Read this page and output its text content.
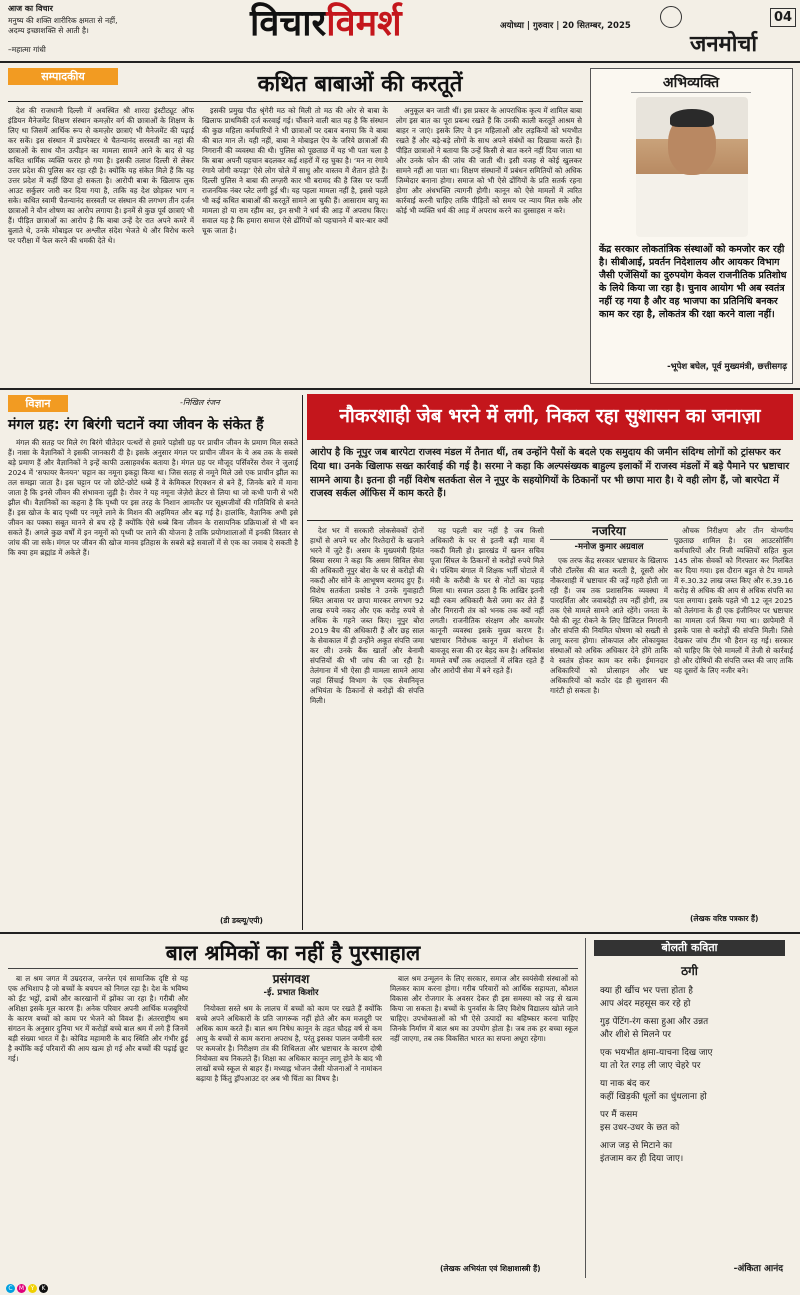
आज का विचार
मनुष्य की शक्ति शारीरिक क्षमता से नहीं, अदम्य इच्छाशक्ति से आती है।
–महात्मा गांधी
विचारविमर्श	अयोध्या | गुरुवार | 20 सितम्बर, 2025
जनमोर्चा
04
सम्पादकीय	कथित बाबाओं की करतूतें

देश की राजधानी दिल्ली में अवस्थित श्री शारदा इंस्टीट्यूट ऑफ इंडियन मैनेजमेंट शिक्षण संस्थान कमज़ोर वर्ग की छात्राओं के शिक्षण के लिए था जिसमें आर्थिक रूप से कमज़ोर छात्राएं भी मैनेजमेंट की पढ़ाई कर सकें। इस संस्थान में डायरेक्टर थे चैतन्यानंद सरस्वती का नहां की छात्राओं के साथ यौन उत्पीड़न का मामला सामने आने के बाद से यह कथित धार्मिक व्यक्ति फरार हो गया है। इसकी तलाश दिल्ली से लेकर उत्तर प्रदेश की पुलिस कर रहा रही है। क्योंकि यह संकेत मिले हैं कि यह उत्तर प्रदेश में कहीं छिपा हो सकता है। आरोपी बाबा के खिलाफ लुक आउट सर्कुलर जारी कर दिया गया है, ताकि वह देश छोड़कर भाग न सके। कथित स्वामी चैतन्यानंद सरस्वती पर संस्थान की लगभग तीन दर्जन छात्राओं ने यौन शोषण का आरोप लगाया है। इनमें से कुछ पूर्व छात्राएं भी हैं। पीड़ित छात्राओं का आरोप है कि बाबा उन्हें देर रात अपने कमरे में बुलाते थे, उनके मोबाइल पर अश्लील संदेश भेजते थे और विरोध करने पर परीक्षा में फेल करने की धमकी देते थे।

इसकी प्रमुख पीठ श्रृंगेरी मठ को मिली तो मठ की ओर से बाबा के खिलाफ प्राथमिकी दर्ज करवाई गई। चौंकाने वाली बात यह है कि संस्थान की कुछ महिला कर्मचारियों ने भी छात्राओं पर दबाव बनाया कि वे बाबा की बात मान लें। यही नहीं, बाबा ने मोबाइल ऐप के जरिये छात्राओं की निगरानी की व्यवस्था की थी। पुलिस को पूछताछ में यह भी पता चला है कि बाबा अपनी पहचान बदलकर कई शहरों में रह चुका है। ‘मन ना रंगाये रंगाये जोगी कपड़ा’ ऐसे लोग चोले में साधु और वास्तव में शैतान होते हैं। दिल्ली पुलिस ने बाबा की लग्ज़री कार भी बरामद की है जिस पर फर्जी राजनयिक नंबर प्लेट लगी हुई थी। यह पहला मामला नहीं है, इससे पहले भी कई कथित बाबाओं की करतूतें सामने आ चुकी हैं। आसाराम बापू का मामला हो या राम रहीम का, इन सभी ने धर्म की आड़ में अपराध किए। सवाल यह है कि हमारा समाज ऐसे ढोंगियों को पहचानने में बार-बार क्यों चूक जाता है।

अनुकूल बन जाती थीं। इस प्रकार के आपराधिक कृत्य में शामिल बाबा लोग इस बात का पूरा प्रबन्ध रखते हैं कि उनकी काली करतूतें आश्रम से बाहर न जाएं। इसके लिए वे इन महिलाओं और लड़कियों को भयभीत रखते हैं और बड़े-बड़े लोगों के साथ अपने संबंधों का दिखावा करते हैं। पीड़ित छात्राओं ने बताया कि उन्हें किसी से बात करने नहीं दिया जाता था और उनके फोन की जांच की जाती थी। इसी वजह से कोई खुलकर सामने नहीं आ पाता था। शिक्षण संस्थानों में प्रबंधन समितियों को अधिक जिम्मेदार बनाना होगा। समाज को भी ऐसे ढोंगियों के प्रति सतर्क रहना होगा और अंधभक्ति त्यागनी होगी। कानून को ऐसे मामलों में त्वरित कार्रवाई करनी चाहिए ताकि पीड़ितों को समय पर न्याय मिल सके और कोई भी व्यक्ति धर्म की आड़ में अपराध करने का दुस्साहस न करे।

अभिव्यक्ति
केंद्र सरकार लोकतांत्रिक संस्थाओं को कमजोर कर रही है। सीबीआई, प्रवर्तन निदेशालय और आयकर विभाग जैसी एजेंसियों का दुरुपयोग केवल राजनीतिक प्रतिशोध के लिये किया जा रहा है। चुनाव आयोग भी अब स्वतंत्र नहीं रह गया है और वह भाजपा का प्रतिनिधि बनकर काम कर रहा है, लोकतंत्र की रक्षा करने वाला नहीं।
-भूपेश बघेल, पूर्व मुख्यमंत्री, छत्तीसगढ़
विज्ञान	-निखिल रंजन
मंगल ग्रह: रंग बिरंगी चटानें क्या जीवन के संकेत हैं

मंगल की सतह पर मिले रंग बिरंगे चीतेदार पत्थरों से हमारे पड़ोसी ग्रह पर प्राचीन जीवन के प्रमाण मिल सकते हैं। नासा के वैज्ञानिकों ने इसकी जानकारी दी है। इसके अनुसार मंगल पर प्राचीन जीवन के ये अब तक के सबसे बड़े प्रमाण हैं और वैज्ञानिकों ने इन्हें काफी उत्साहवर्धक बताया है। मंगल ग्रह पर मौजूद पर्सिवरेंस रोवर ने जुलाई 2024 में ‘सफायर कैनयन’ चट्टान का नमूना इकट्ठा किया था। जिस सतह से नमूने मिले उसे एक प्राचीन झील का तल समझा जाता है। इस चट्टान पर जो छोटे-छोटे धब्बे हैं वे केमिकल रिएक्शन से बने हैं, जिनके बारे में माना जाता है कि इनसे जीवन की संभावना जुड़ी है। रोवर ने यह नमूना जेज़ेरो क्रेटर से लिया था जो कभी पानी से भरी झील थी। वैज्ञानिकों का कहना है कि पृथ्वी पर इस तरह के निशान आमतौर पर सूक्ष्मजीवों की गतिविधि से बनते हैं। इस खोज के बाद पृथ्वी पर नमूने लाने के मिशन की अहमियत और बढ़ गई है। हालांकि, वैज्ञानिक अभी इसे जीवन का पक्का सबूत मानने से बच रहे हैं क्योंकि ऐसे धब्बे बिना जीवन के रासायनिक प्रक्रियाओं से भी बन सकते हैं। अगले कुछ वर्षों में इन नमूनों को पृथ्वी पर लाने की योजना है ताकि प्रयोगशालाओं में इनकी विस्तार से जांच की जा सके। मंगल पर जीवन की खोज मानव इतिहास के सबसे बड़े सवालों में से एक का जवाब दे सकती है कि क्या हम ब्रह्मांड में अकेले हैं।

(डी डब्ल्यू/एपी)
नौकरशाही जेब भरने में लगी, निकल रहा सुशासन का जनाज़ा
आरोप है कि नूपुर जब बारपेटा राजस्व मंडल में तैनात थीं, तब उन्होंने पैसों के बदले एक समुदाय की जमीन संदिग्ध लोगों को ट्रांसफर कर दिया था। उनके खिलाफ सख्त कार्रवाई की गई है। सरमा ने कहा कि अल्पसंख्यक बाहुल्य इलाकों में राजस्व मंडलों में बड़े पैमाने पर भ्रष्टाचार सामने आया है। इतना ही नहीं विशेष सतर्कता सेल ने नूपुर के सहयोगियों के ठिकानों पर भी छापा मारा है। ये वही लोग हैं, जो बारपेटा में राजस्व सर्कल ऑफिस में काम करते हैं।

देश भर में सरकारी लोकसेवकों दोनों हाथों से अपने घर और रिश्तेदारों के खजाने भरने में जुटे हैं। असम के मुख्यमंत्री हिमंत बिस्वा सरमा ने कहा कि असम सिविल सेवा की अधिकारी नूपुर बोरा के घर से करोड़ों की नकदी और सोने के आभूषण बरामद हुए हैं। विशेष सतर्कता प्रकोष्ठ ने उनके गुवाहाटी स्थित आवास पर छापा मारकर लगभग 92 लाख रुपये नकद और एक करोड़ रुपये से अधिक के गहने जब्त किए। नूपुर बोरा 2019 बैच की अधिकारी हैं और छह साल के सेवाकाल में ही उन्होंने अकूत संपत्ति जमा कर ली। उनके बैंक खातों और बेनामी संपत्तियों की भी जांच की जा रही है। तेलंगाना में भी ऐसा ही मामला सामने आया जहां सिंचाई विभाग के एक सेवानिवृत्त अभियंता के ठिकानों से करोड़ों की संपत्ति मिली।

यह पहली बार नहीं है जब किसी अधिकारी के घर से इतनी बड़ी मात्रा में नकदी मिली हो। झारखंड में खनन सचिव पूजा सिंघल के ठिकानों से करोड़ों रुपये मिले थे। पश्चिम बंगाल में शिक्षक भर्ती घोटाले में मंत्री के करीबी के घर से नोटों का पहाड़ मिला था। सवाल उठता है कि आखिर इतनी बड़ी रकम अधिकारी कैसे जमा कर लेते हैं और निगरानी तंत्र को भनक तक क्यों नहीं लगती। राजनीतिक संरक्षण और कमजोर कानूनी व्यवस्था इसके मुख्य कारण हैं। भ्रष्टाचार निरोधक कानून में संशोधन के बावजूद सजा की दर बेहद कम है। अधिकांश मामले वर्षों तक अदालतों में लंबित रहते हैं और आरोपी सेवा में बने रहते हैं।

नजरिया
-मनोज कुमार अग्रवाल

एक तरफ केंद्र सरकार भ्रष्टाचार के खिलाफ जीरो टॉलरेंस की बात करती है, दूसरी ओर नौकरशाही में भ्रष्टाचार की जड़ें गहरी होती जा रही हैं। जब तक प्रशासनिक व्यवस्था में पारदर्शिता और जवाबदेही तय नहीं होगी, तब तक ऐसे मामले सामने आते रहेंगे। जनता के पैसे की लूट रोकने के लिए डिजिटल निगरानी और संपत्ति की नियमित घोषणा को सख्ती से लागू करना होगा। लोकपाल और लोकायुक्त संस्थाओं को अधिक अधिकार देने होंगे ताकि वे स्वतंत्र होकर काम कर सकें। ईमानदार अधिकारियों को प्रोत्साहन और भ्रष्ट अधिकारियों को कठोर दंड ही सुशासन की गारंटी हो सकता है।

औचक निरीक्षण और तीन योग्यगीय पूछताछ शामिल है। दस आउटसोर्सिंग कर्मचारियों और निजी व्यक्तियों सहित कुल 145 लोक सेवकों को गिरफ्तार कर निलंबित कर दिया गया। इस दौरान बहुत से टैप मामले में रु.30.32 लाख जब्त किए और रु.39.16 करोड़ से अधिक की आय से अधिक संपत्ति का पता लगाया। इसके पहले भी 12 जून 2025 को तेलंगाना के ही एक इंजीनियर पर भ्रष्टाचार का मामला दर्ज किया गया था। छापेमारी में इसके पास से करोड़ों की संपत्ति मिली। जिसे देखकर जांच टीम भी हैरान रह गई। सरकार को चाहिए कि ऐसे मामलों में तेजी से कार्रवाई हो और दोषियों की संपत्ति जब्त की जाए ताकि यह दूसरों के लिए नजीर बने।

(लेखक वरिष्ठ पत्रकार हैं)
बाल श्रमिकों का नहीं है पुरसाहाल

बा ल श्रम जगत में उम्रदराज, जनरेल एवं सामाजिक दृष्टि से यह एक अभिशाप है जो बच्चों के बचपन को निगल रहा है। देश के भविष्य को ईंट भट्ठों, ढाबों और कारखानों में झोंका जा रहा है। गरीबी और अशिक्षा इसके मूल कारण हैं। अनेक परिवार अपनी आर्थिक मजबूरियों के कारण बच्चों को काम पर भेजने को विवश हैं। अंतरराष्ट्रीय श्रम संगठन के अनुसार दुनिया भर में करोड़ों बच्चे बाल श्रम में लगे हैं जिनमें बड़ी संख्या भारत में है। कोविड महामारी के बाद स्थिति और गंभीर हुई है क्योंकि कई परिवारों की आय खत्म हो गई और बच्चों की पढ़ाई छूट गई।

प्रसंगवश
-ई. प्रभात किशोर

नियोक्ता सस्ते श्रम के लालच में बच्चों को काम पर रखते हैं क्योंकि बच्चे अपने अधिकारों के प्रति जागरूक नहीं होते और कम मजदूरी पर अधिक काम करते हैं। बाल श्रम निषेध कानून के तहत चौदह वर्ष से कम आयु के बच्चों से काम कराना अपराध है, परंतु इसका पालन जमीनी स्तर पर कमजोर है। निरीक्षण तंत्र की शिथिलता और भ्रष्टाचार के कारण दोषी नियोक्ता बच निकलते हैं। शिक्षा का अधिकार कानून लागू होने के बाद भी लाखों बच्चे स्कूल से बाहर हैं। मध्याह्न भोजन जैसी योजनाओं ने नामांकन बढ़ाया है किंतु ड्रॉपआउट दर अब भी चिंता का विषय है।

बाल श्रम उन्मूलन के लिए सरकार, समाज और स्वयंसेवी संस्थाओं को मिलकर काम करना होगा। गरीब परिवारों को आर्थिक सहायता, कौशल विकास और रोजगार के अवसर देकर ही इस समस्या को जड़ से खत्म किया जा सकता है। बच्चों के पुनर्वास के लिए विशेष विद्यालय खोले जाने चाहिए। उपभोक्ताओं को भी ऐसे उत्पादों का बहिष्कार करना चाहिए जिनके निर्माण में बाल श्रम का उपयोग होता है। जब तक हर बच्चा स्कूल नहीं जाएगा, तब तक विकसित भारत का सपना अधूरा रहेगा।

(लेखक अभियंता एवं शिक्षाशास्त्री हैं)
बोलती कविता
ठगी
क्या ही खींच भर पत्ता होता है
आप अंदर महसूस कर रहे हो

गुड़ पेंटिंग-रंग कसा हुआ और उन्नत
और शीशे से मिलने पर

एक भयभीत क्षमा-याचना दिख जाए
या तो रेत रगड़ ली जाए चेहरे पर

या नाक बंद कर
कहीं खिड़की धूलों का धुंधलाना हो

पर मैं कसम
इस उधर-उधर के छत को

आज जड़ से मिटाने का
इंतजाम कर ही दिया जाए।
-अंकिता आनंद
C M Y K
